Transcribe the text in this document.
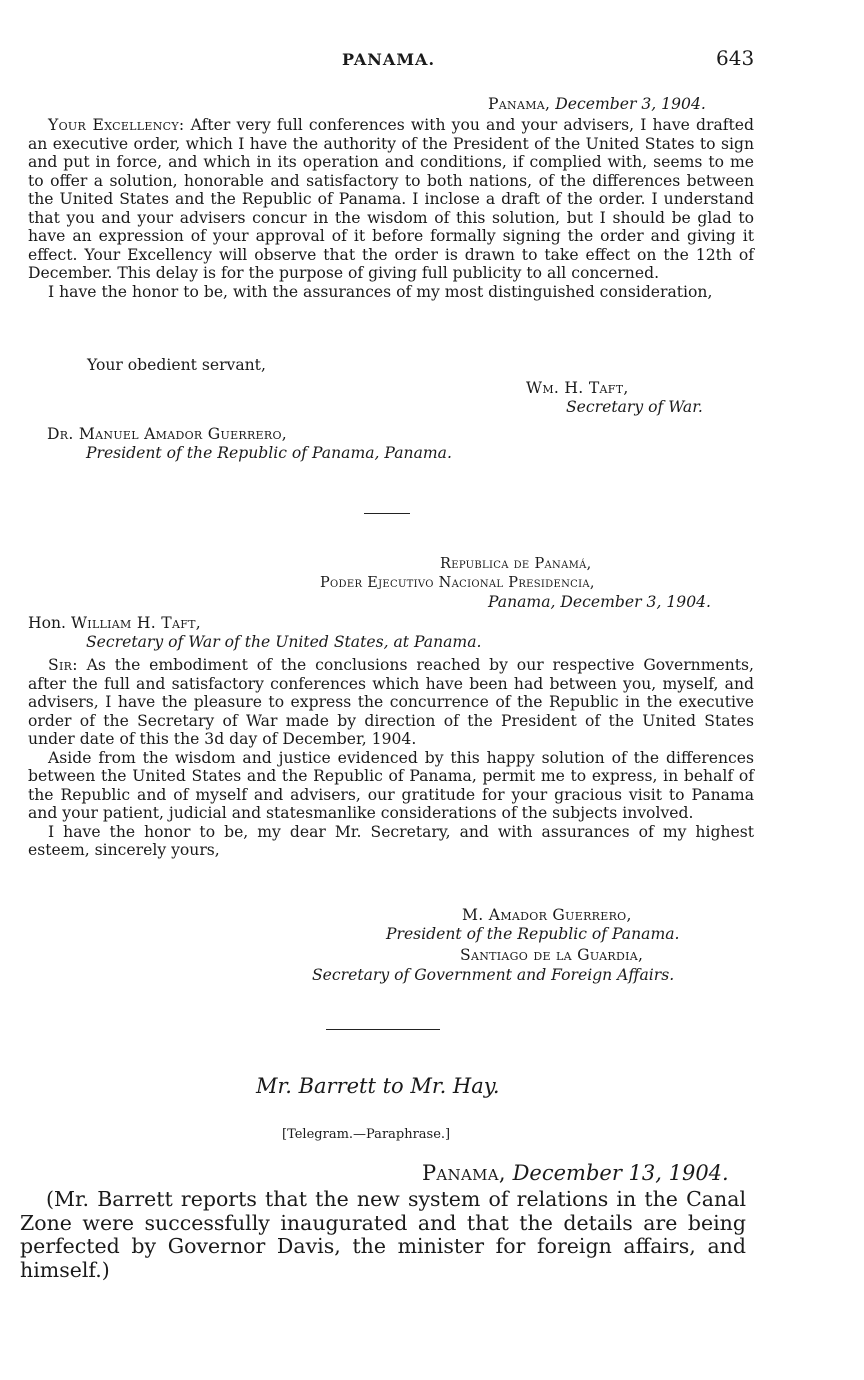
PANAMA.	643
Panama, December 3, 1904.

Your Excellency: After very full conferences with you and your advisers, I have drafted an executive order, which I have the authority of the President of the United States to sign and put in force, and which in its operation and conditions, if complied with, seems to me to offer a solution, honorable and satisfactory to both nations, of the differences between the United States and the Republic of Panama. I inclose a draft of the order. I understand that you and your advisers concur in the wisdom of this solution, but I should be glad to have an expression of your approval of it before formally signing the order and giving it effect. Your Excellency will observe that the order is drawn to take effect on the 12th of December. This delay is for the purpose of giving full publicity to all concerned.

I have the honor to be, with the assurances of my most distinguished consideration,

Your obedient servant,
Wm. H. Taft,
Secretary of War.
Dr. Manuel Amador Guerrero,
President of the Republic of Panama, Panama.
Republica de Panamá,
Poder Ejecutivo Nacional Presidencia,
Panama, December 3, 1904.
Hon. William H. Taft,
Secretary of War of the United States, at Panama.

Sir: As the embodiment of the conclusions reached by our respective Governments, after the full and satisfactory conferences which have been had between you, myself, and advisers, I have the pleasure to express the concurrence of the Republic in the executive order of the Secretary of War made by direction of the President of the United States under date of this the 3d day of December, 1904.

Aside from the wisdom and justice evidenced by this happy solution of the differences between the United States and the Republic of Panama, permit me to express, in behalf of the Republic and of myself and advisers, our gratitude for your gracious visit to Panama and your patient, judicial and statesmanlike considerations of the subjects involved.

I have the honor to be, my dear Mr. Secretary, and with assurances of my highest esteem, sincerely yours,

M. Amador Guerrero,
President of the Republic of Panama.
Santiago de la Guardia,
Secretary of Government and Foreign Affairs.
Mr. Barrett to Mr. Hay.
[Telegram.—Paraphrase.]
Panama, December 13, 1904.
(Mr. Barrett reports that the new system of relations in the Canal Zone were successfully inaugurated and that the details are being perfected by Governor Davis, the minister for foreign affairs, and himself.)
